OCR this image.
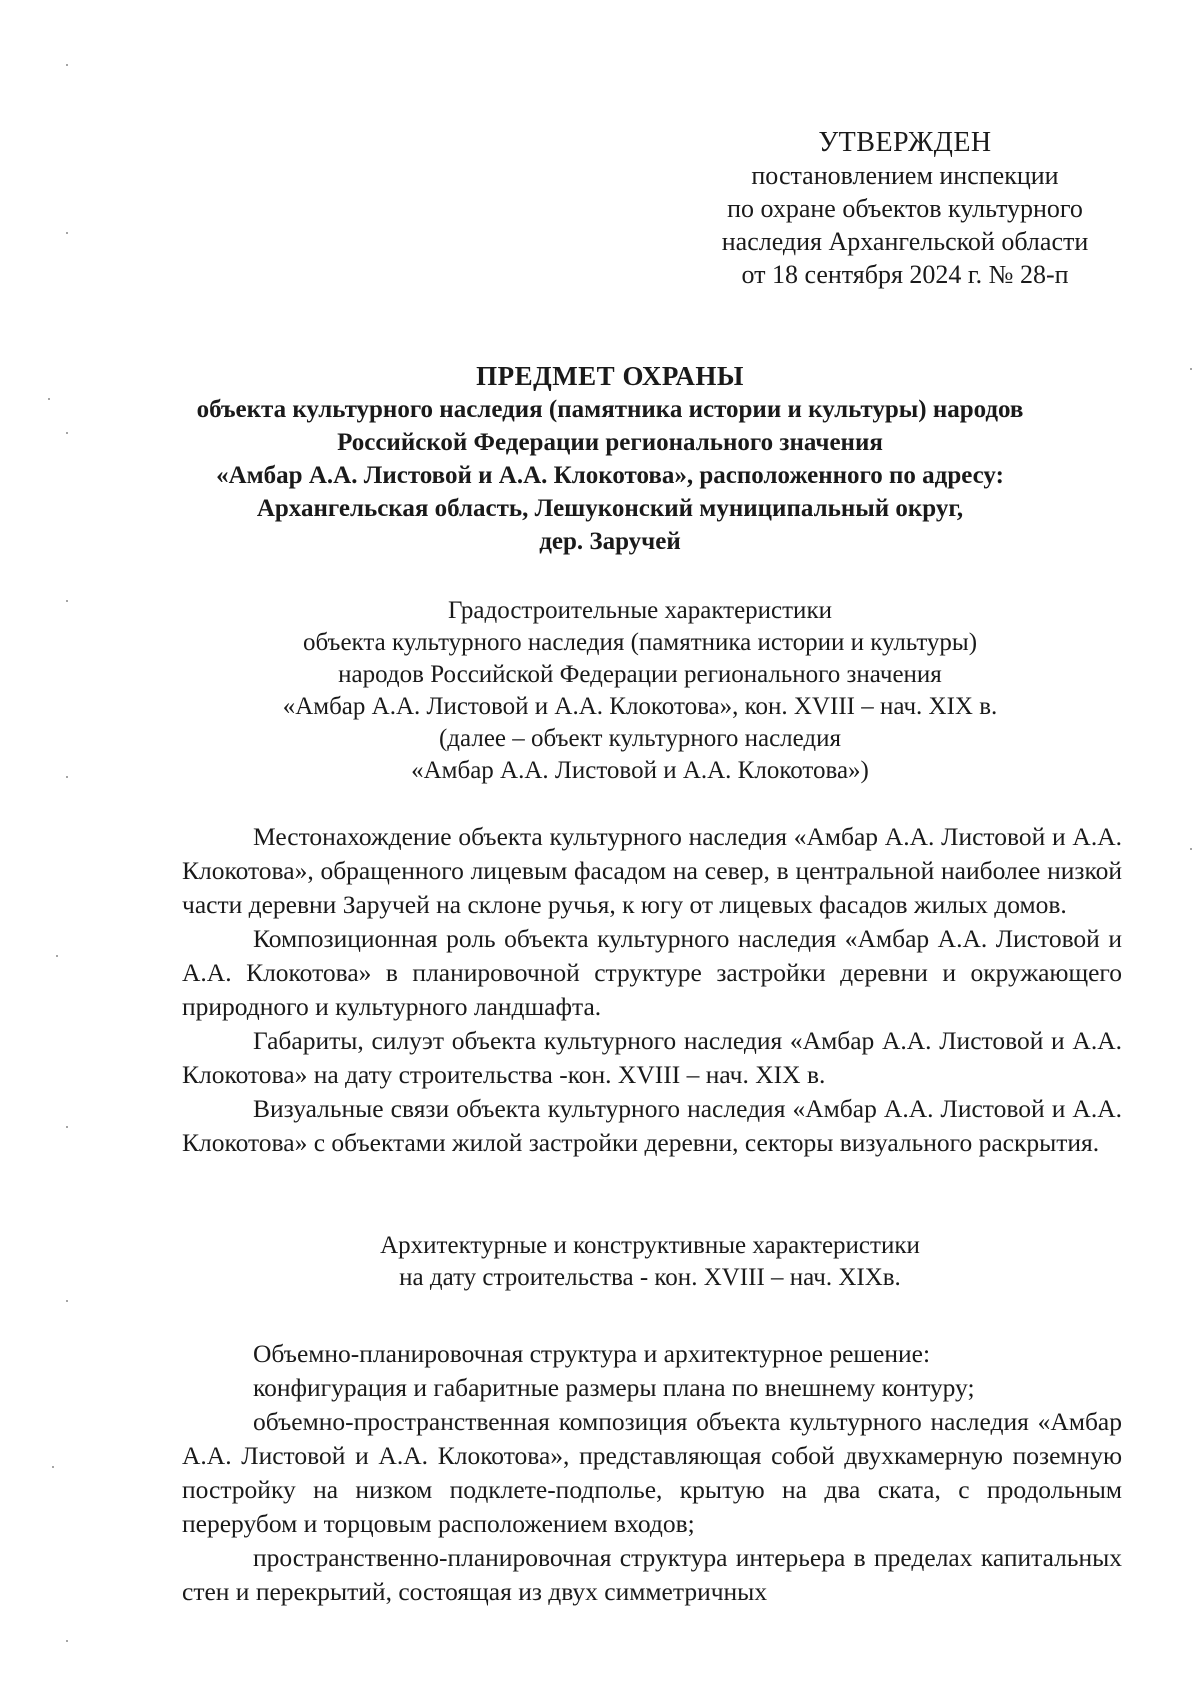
УТВЕРЖДЕН
постановлением инспекции
по охране объектов культурного
наследия Архангельской области
от 18 сентября 2024 г. № 28-п
ПРЕДМЕТ ОХРАНЫ
объекта культурного наследия (памятника истории и культуры) народов
Российской Федерации регионального значения
«Амбар А.А. Листовой и А.А. Клокотова», расположенного по адресу:
Архангельская область, Лешуконский муниципальный округ,
дер. Заручей
Градостроительные характеристики
объекта культурного наследия (памятника истории и культуры)
народов Российской Федерации регионального значения
«Амбар А.А. Листовой и А.А. Клокотова», кон. XVIII – нач. XIX в.
(далее – объект культурного наследия
«Амбар А.А. Листовой и А.А. Клокотова»)

Местонахождение объекта культурного наследия «Амбар А.А. Листовой и А.А. Клокотова», обращенного лицевым фасадом на север, в центральной наиболее низкой части деревни Заручей на склоне ручья, к югу от лицевых фасадов жилых домов.

Композиционная роль объекта культурного наследия «Амбар А.А. Листовой и А.А. Клокотова» в планировочной структуре застройки деревни и окружающего природного и культурного ландшафта.

Габариты, силуэт объекта культурного наследия «Амбар А.А. Листовой и А.А. Клокотова» на дату строительства -кон. XVIII – нач. XIX в.

Визуальные связи объекта культурного наследия «Амбар А.А. Листовой и А.А. Клокотова» с объектами жилой застройки деревни, секторы визуального раскрытия.

Архитектурные и конструктивные характеристики
на дату строительства - кон. XVIII – нач. XIXв.

Объемно-планировочная структура и архитектурное решение:

конфигурация и габаритные размеры плана по внешнему контуру;

объемно-пространственная композиция объекта культурного наследия «Амбар А.А. Листовой и А.А. Клокотова», представляющая собой двухкамерную поземную постройку на низком подклете-подполье, крытую на два ската, с продольным перерубом и торцовым расположением входов;

пространственно-планировочная структура интерьера в пределах капитальных стен и перекрытий, состоящая из двух симметричных
